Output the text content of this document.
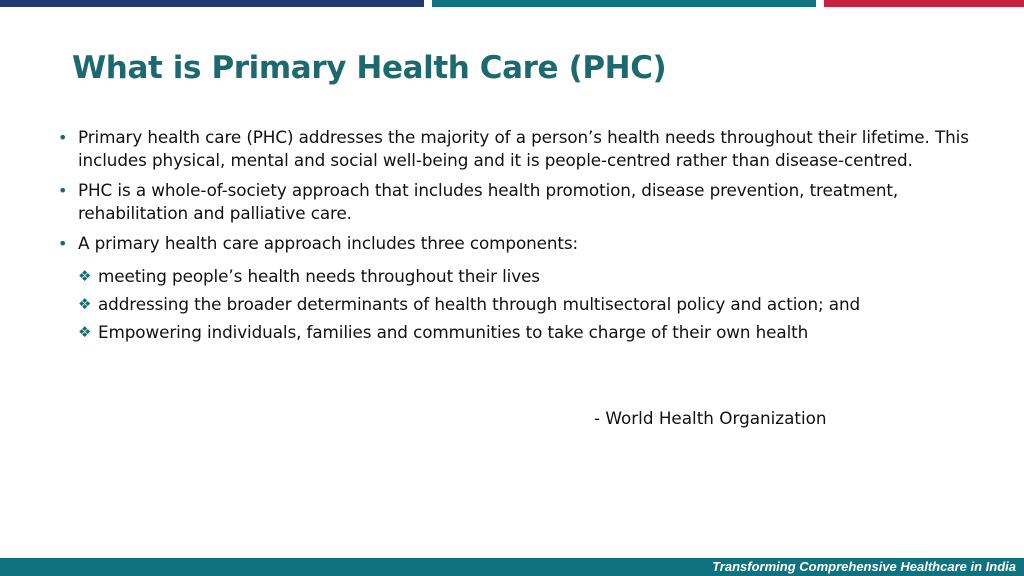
What is Primary Health Care (PHC)
• Primary health care (PHC) addresses the majority of a person’s health needs throughout their lifetime. This includes physical, mental and social well-being and it is people-centred rather than disease-centred.
• PHC is a whole-of-society approach that includes health promotion, disease prevention, treatment, rehabilitation and palliative care.
• A primary health care approach includes three components:
❖ meeting people’s health needs throughout their lives
❖ addressing the broader determinants of health through multisectoral policy and action; and
❖ Empowering individuals, families and communities to take charge of their own health
- World Health Organization
Transforming Comprehensive Healthcare in India
